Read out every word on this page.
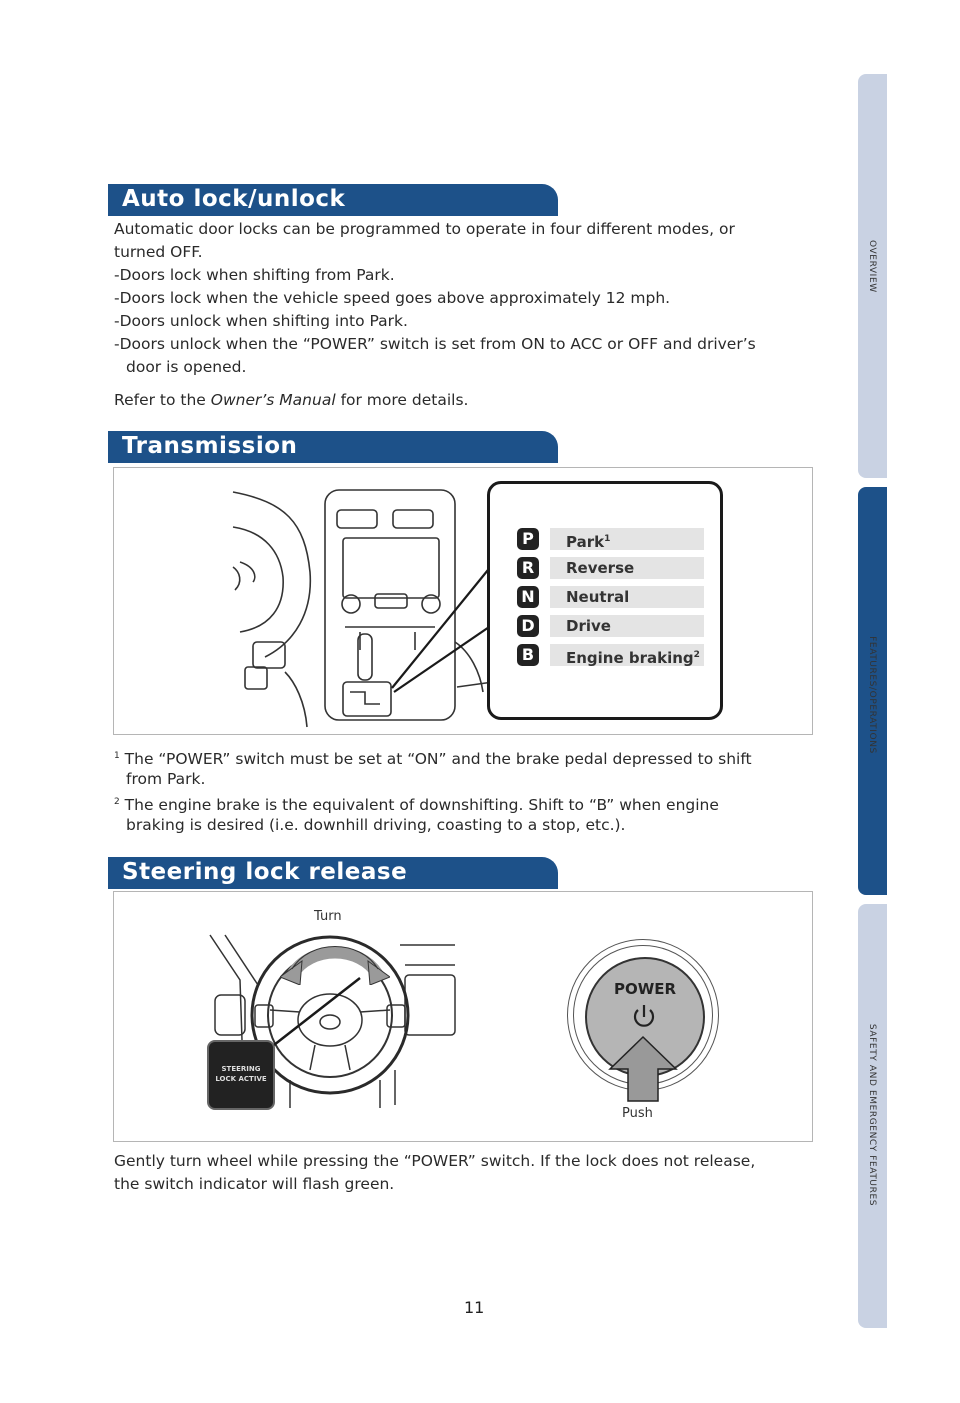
OVERVIEW
FEATURES/OPERATIONS
SAFETY AND EMERGENCY FEATURES
Auto lock/unlock
Automatic door locks can be programmed to operate in four different modes, or
turned OFF.
-Doors lock when shifting from Park.
-Doors lock when the vehicle speed goes above approximately 12 mph.
-Doors unlock when shifting into Park.
-Doors unlock when the “POWER” switch is set from ON to ACC or OFF and driver’s
door is opened.
Refer to the Owner’s Manual for more details.
Transmission
P	Park$^1$
R	Reverse
N	Neutral
D	Drive
B	Engine braking$^2$
$^1$ The “POWER” switch must be set at “ON” and the brake pedal depressed to shift
from Park.
$^2$ The engine brake is the equivalent of downshifting. Shift to “B” when engine
braking is desired (i.e. downhill driving, coasting to a stop, etc.).
Steering lock release
Turn
STEERING
LOCK ACTIVE
POWER
Push
Gently turn wheel while pressing the “POWER” switch. If the lock does not release,
the switch indicator will flash green.
11
